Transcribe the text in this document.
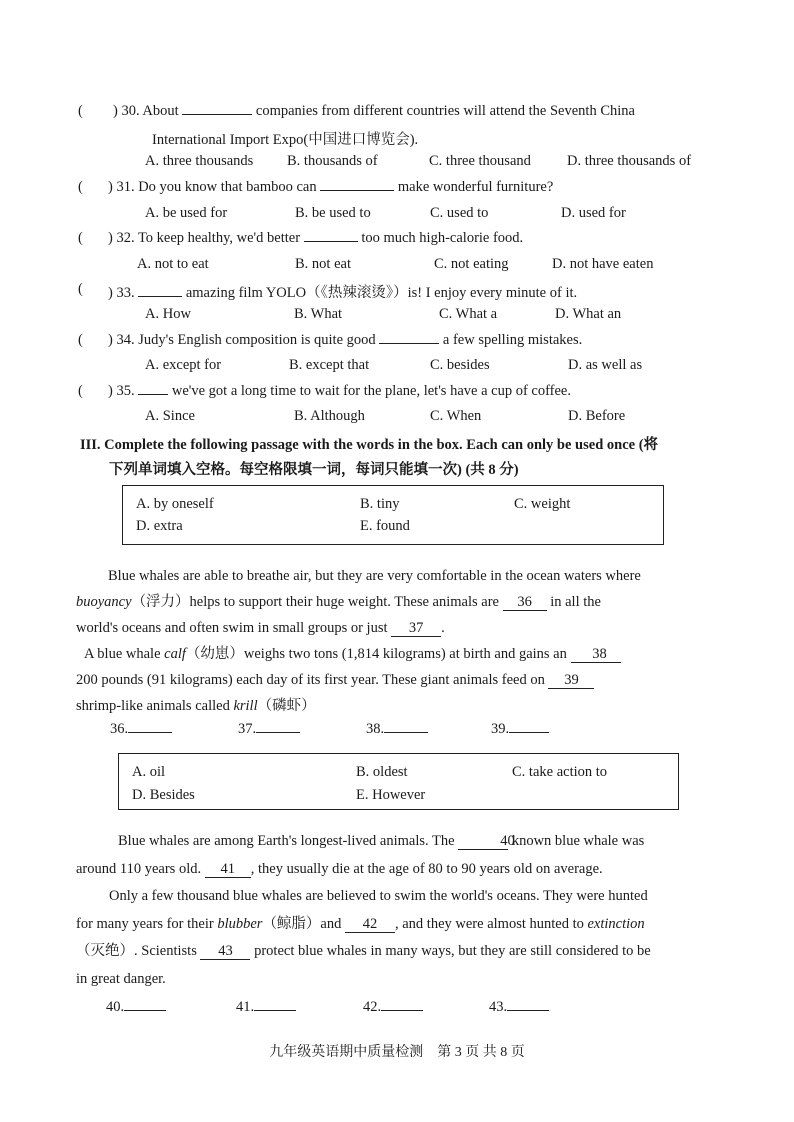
( ) 30. About	companies from different countries will attend the Seventh China
International Import Expo(中国进口博览会).
A. three thousands B. thousands of	C. three thousand D. three thousands of
( ) 31. Do you know that bamboo can	make wonderful furniture?
A. be used for	B. be used to	C. used to	D. used for
( ) 32. To keep healthy, we'd better	too much high-calorie food.
A. not to eat	B. not eat	C. not eating	D. not have eaten
( ) 33.	amazing film YOLO（《热辣滚烫》）is! I enjoy every minute of it.
A. How	B. What	C. What a	D. What an
( ) 34. Judy's English composition is quite good	a few spelling mistakes.
A. except for	B. except that	C. besides	D. as well as
( ) 35.	we've got a long time to wait for the plane, let's have a cup of coffee.
A. Since	B. Although	C. When	D. Before
III. Complete the following passage with the words in the box. Each can only be used once (将
下列单词填入空格。每空格限填一词，每词只能填一次) (共 8 分)
A. by oneself	B. tiny	C. weight
D. extra	E. found
Blue whales are able to breathe air, but they are very comfortable in the ocean waters where
buoyancy（浮力）helps to support their huge weight. These animals are 36 in all the
world's oceans and often swim in small groups or just 37 .
A blue whale calf（幼崽）weighs two tons (1,814 kilograms) at birth and gains an 38
200 pounds (91 kilograms) each day of its first year. These giant animals feed on 39
shrimp-like animals called krill（磷虾）
36.	37.	38.	39.
A. oil	B. oldest	C. take action to
D. Besides	E. However
Blue whales are among Earth's longest-lived animals. The	40 known blue whale was
around 110 years old. 41 , they usually die at the age of 80 to 90 years old on average.
Only a few thousand blue whales are believed to swim the world's oceans. They were hunted
for many years for their blubber（鲸脂）and 42 , and they were almost hunted to extinction
（灭绝）. Scientists 43 protect blue whales in many ways, but they are still considered to be
in great danger.
40.	41.	42.	43.
九年级英语期中质量检测　第 3 页 共 8 页
